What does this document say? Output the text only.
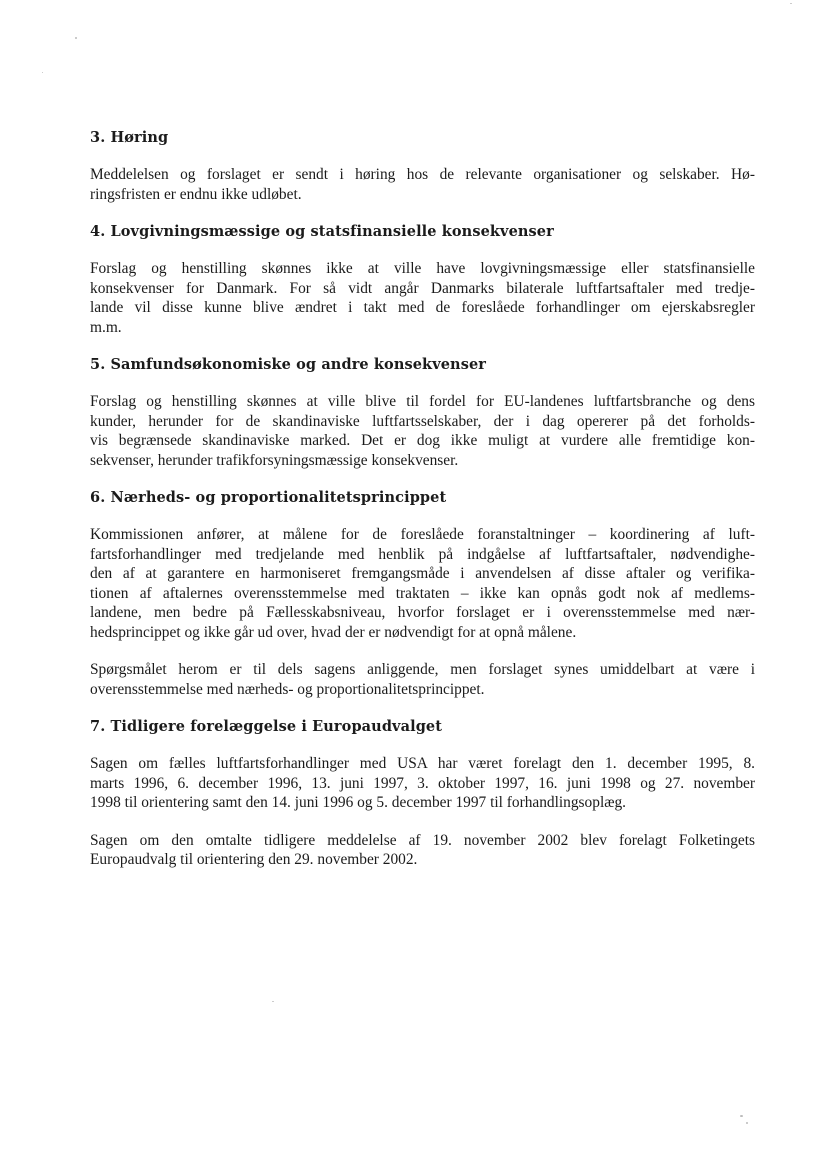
3. Høring

Meddelelsen og forslaget er sendt i høring hos de relevante organisationer og selskaber. Hø-
ringsfristen er endnu ikke udløbet.

4. Lovgivningsmæssige og statsfinansielle konsekvenser

Forslag og henstilling skønnes ikke at ville have lovgivningsmæssige eller statsfinansielle
konsekvenser for Danmark. For så vidt angår Danmarks bilaterale luftfartsaftaler med tredje-
lande vil disse kunne blive ændret i takt med de foreslåede forhandlinger om ejerskabsregler
m.m.

5. Samfundsøkonomiske og andre konsekvenser

Forslag og henstilling skønnes at ville blive til fordel for EU-landenes luftfartsbranche og dens
kunder, herunder for de skandinaviske luftfartsselskaber, der i dag opererer på det forholds-
vis begrænsede skandinaviske marked. Det er dog ikke muligt at vurdere alle fremtidige kon-
sekvenser, herunder trafikforsyningsmæssige konsekvenser.

6. Nærheds- og proportionalitetsprincippet

Kommissionen anfører, at målene for de foreslåede foranstaltninger – koordinering af luft-
fartsforhandlinger med tredjelande med henblik på indgåelse af luftfartsaftaler, nødvendighe-
den af at garantere en harmoniseret fremgangsmåde i anvendelsen af disse aftaler og verifika-
tionen af aftalernes overensstemmelse med traktaten – ikke kan opnås godt nok af medlems-
landene, men bedre på Fællesskabsniveau, hvorfor forslaget er i overensstemmelse med nær-
hedsprincippet og ikke går ud over, hvad der er nødvendigt for at opnå målene.

Spørgsmålet herom er til dels sagens anliggende, men forslaget synes umiddelbart at være i
overensstemmelse med nærheds- og proportionalitetsprincippet.

7. Tidligere forelæggelse i Europaudvalget

Sagen om fælles luftfartsforhandlinger med USA har været forelagt den 1. december 1995, 8.
marts 1996, 6. december 1996, 13. juni 1997, 3. oktober 1997, 16. juni 1998 og 27. november
1998 til orientering samt den 14. juni 1996 og 5. december 1997 til forhandlingsoplæg.

Sagen om den omtalte tidligere meddelelse af 19. november 2002 blev forelagt Folketingets
Europaudvalg til orientering den 29. november 2002.
